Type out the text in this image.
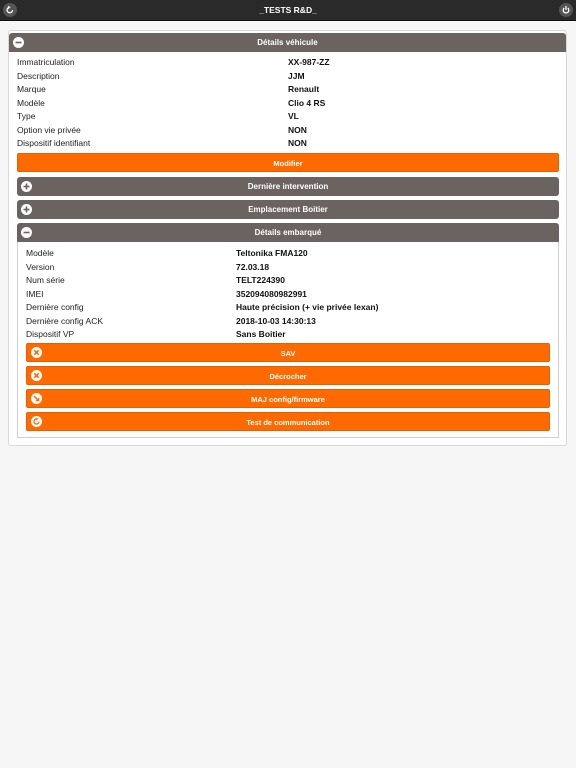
_TESTS R&D_
Détails véhicule
Immatriculation	XX-987-ZZ
Description	JJM
Marque	Renault
Modèle	Clio 4 RS
Type	VL
Option vie privée	NON
Dispositif identifiant	NON
Modifier
Dernière intervention
Emplacement Boitier
Détails embarqué
Modèle	Teltonika FMA120
Version	72.03.18
Num série	TELT224390
IMEI	352094080982991
Dernière config	Haute précision (+ vie privée lexan)
Dernière config ACK	2018-10-03 14:30:13
Dispositif VP	Sans Boitier
SAV
Décrocher
MAJ config/firmware
Test de communication
